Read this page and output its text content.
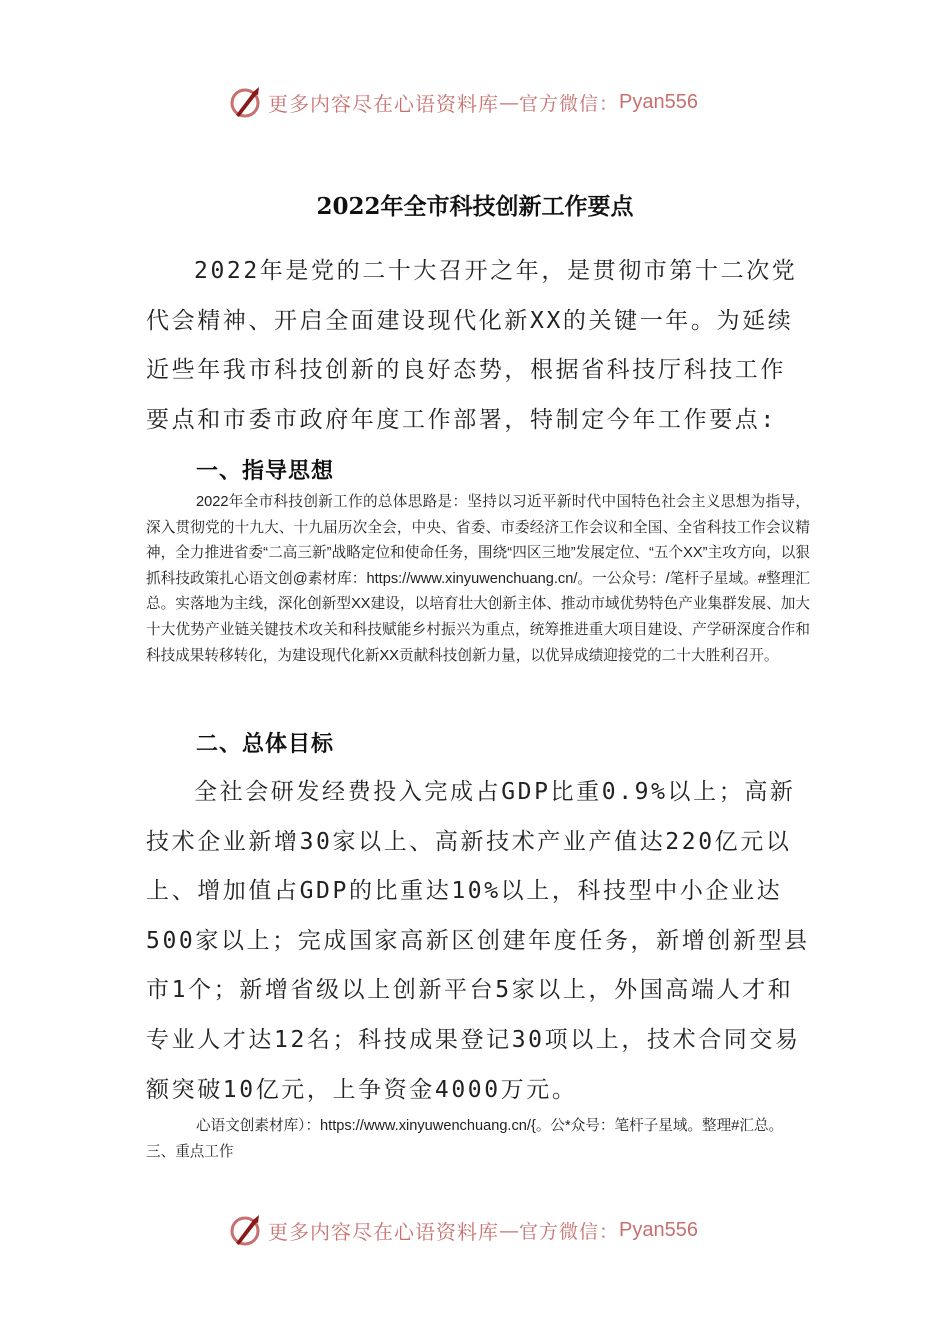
更多内容尽在心语资料库 — 官方微信： Pyan556
2022年全市科技创新工作要点

2022年是党的二十大召开之年，是贯彻市第十二次党代会精神、开启全面建设现代化新XX的关键一年。为延续近些年我市科技创新的良好态势，根据省科技厅科技工作要点和市委市政府年度工作部署，特制定今年工作要点:

一、指导思想

2022年全市科技创新工作的总体思路是：坚持以习近平新时代中国特色社会主义思想为指导，深入贯彻党的十九大、十九届历次全会，中央、省委、市委经济工作会议和全国、全省科技工作会议精神，全力推进省委“二高三新”战略定位和使命任务，围绕“四区三地”发展定位、“五个XX”主攻方向，以狠抓科技政策扎心语文创@素材库：https://www.xinyuwenchuang.cn/。一公众号：/笔杆子星域。#整理汇总。实落地为主线，深化创新型XX建设，以培育壮大创新主体、推动市域优势特色产业集群发展、加大十大优势产业链关键技术攻关和科技赋能乡村振兴为重点，统筹推进重大项目建设、产学研深度合作和科技成果转移转化，为建设现代化新XX贡献科技创新力量，以优异成绩迎接党的二十大胜利召开。

二、总体目标

全社会研发经费投入完成占GDP比重0.9%以上；高新技术企业新增30家以上、高新技术产业产值达220亿元以上、增加值占GDP的比重达10%以上，科技型中小企业达500家以上；完成国家高新区创建年度任务，新增创新型县市1个；新增省级以上创新平台5家以上，外国高端人才和专业人才达12名；科技成果登记30项以上，技术合同交易额突破10亿元，上争资金4000万元。

心语文创素材库）：https://www.xinyuwenchuang.cn/{。公*众号：笔杆子星域。整理#汇总。三、重点工作

更多内容尽在心语资料库 — 官方微信： Pyan556
